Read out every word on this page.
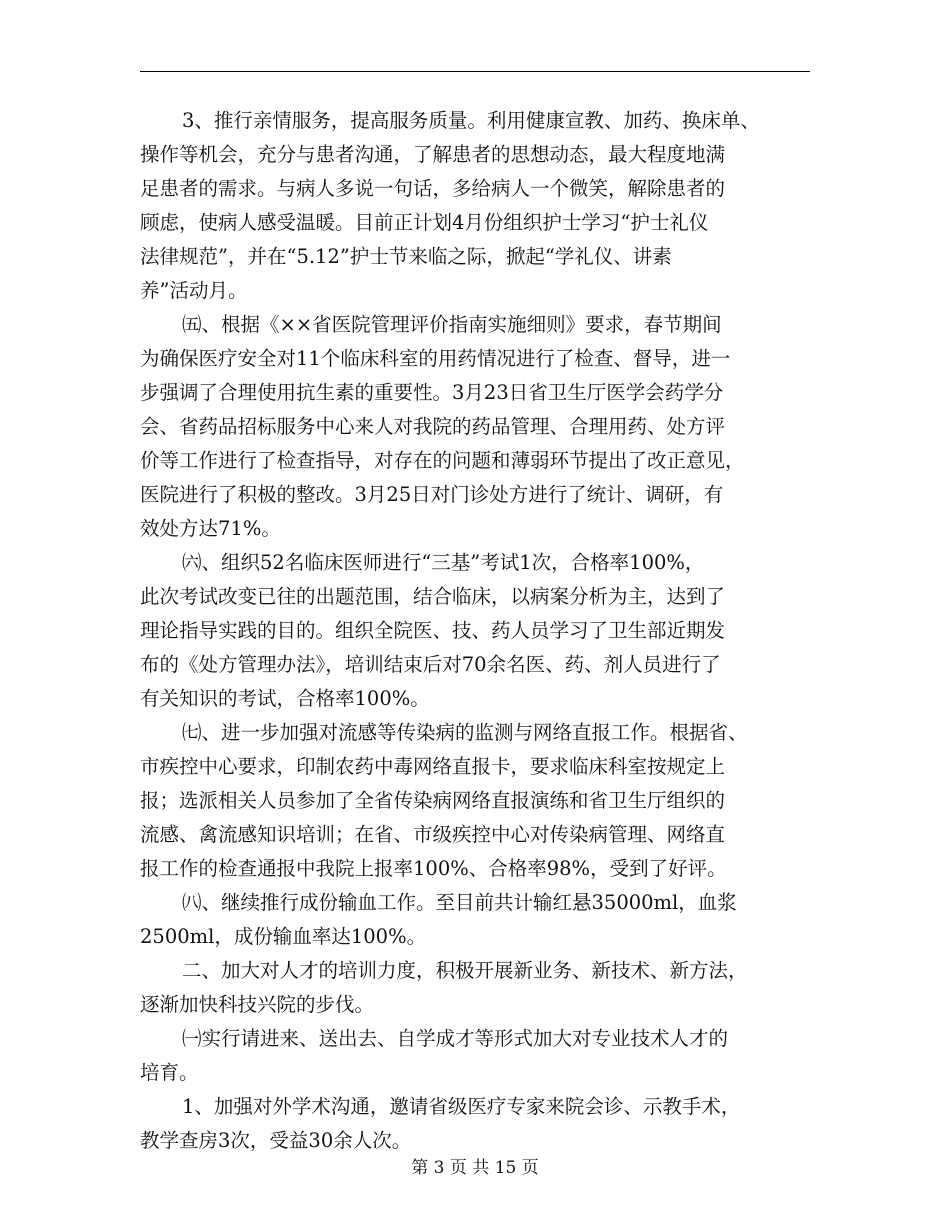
3、推行亲情服务，提高服务质量。利用健康宣教、加药、换床单、
操作等机会，充分与患者沟通，了解患者的思想动态，最大程度地满
足患者的需求。与病人多说一句话，多给病人一个微笑，解除患者的
顾虑，使病人感受温暖。目前正计划4月份组织护士学习“护士礼仪
法律规范”，并在“5.12”护士节来临之际，掀起“学礼仪、讲素
养”活动月。
㈤、根据《××省医院管理评价指南实施细则》要求，春节期间
为确保医疗安全对11个临床科室的用药情况进行了检查、督导，进一
步强调了合理使用抗生素的重要性。3月23日省卫生厅医学会药学分
会、省药品招标服务中心来人对我院的药品管理、合理用药、处方评
价等工作进行了检查指导，对存在的问题和薄弱环节提出了改正意见，
医院进行了积极的整改。3月25日对门诊处方进行了统计、调研，有
效处方达71%。
㈥、组织52名临床医师进行“三基”考试1次，合格率100%，
此次考试改变已往的出题范围，结合临床，以病案分析为主，达到了
理论指导实践的目的。组织全院医、技、药人员学习了卫生部近期发
布的《处方管理办法》，培训结束后对70余名医、药、剂人员进行了
有关知识的考试，合格率100%。
㈦、进一步加强对流感等传染病的监测与网络直报工作。根据省、
市疾控中心要求，印制农药中毒网络直报卡，要求临床科室按规定上
报；选派相关人员参加了全省传染病网络直报演练和省卫生厅组织的
流感、禽流感知识培训；在省、市级疾控中心对传染病管理、网络直
报工作的检查通报中我院上报率100%、合格率98%，受到了好评。
㈧、继续推行成份输血工作。至目前共计输红悬35000ml，血浆
2500ml，成份输血率达100%。
二、加大对人才的培训力度，积极开展新业务、新技术、新方法，
逐渐加快科技兴院的步伐。
㈠实行请进来、送出去、自学成才等形式加大对专业技术人才的
培育。
1、加强对外学术沟通，邀请省级医疗专家来院会诊、示教手术，
教学查房3次，受益30余人次。
第 3 页 共 15 页
